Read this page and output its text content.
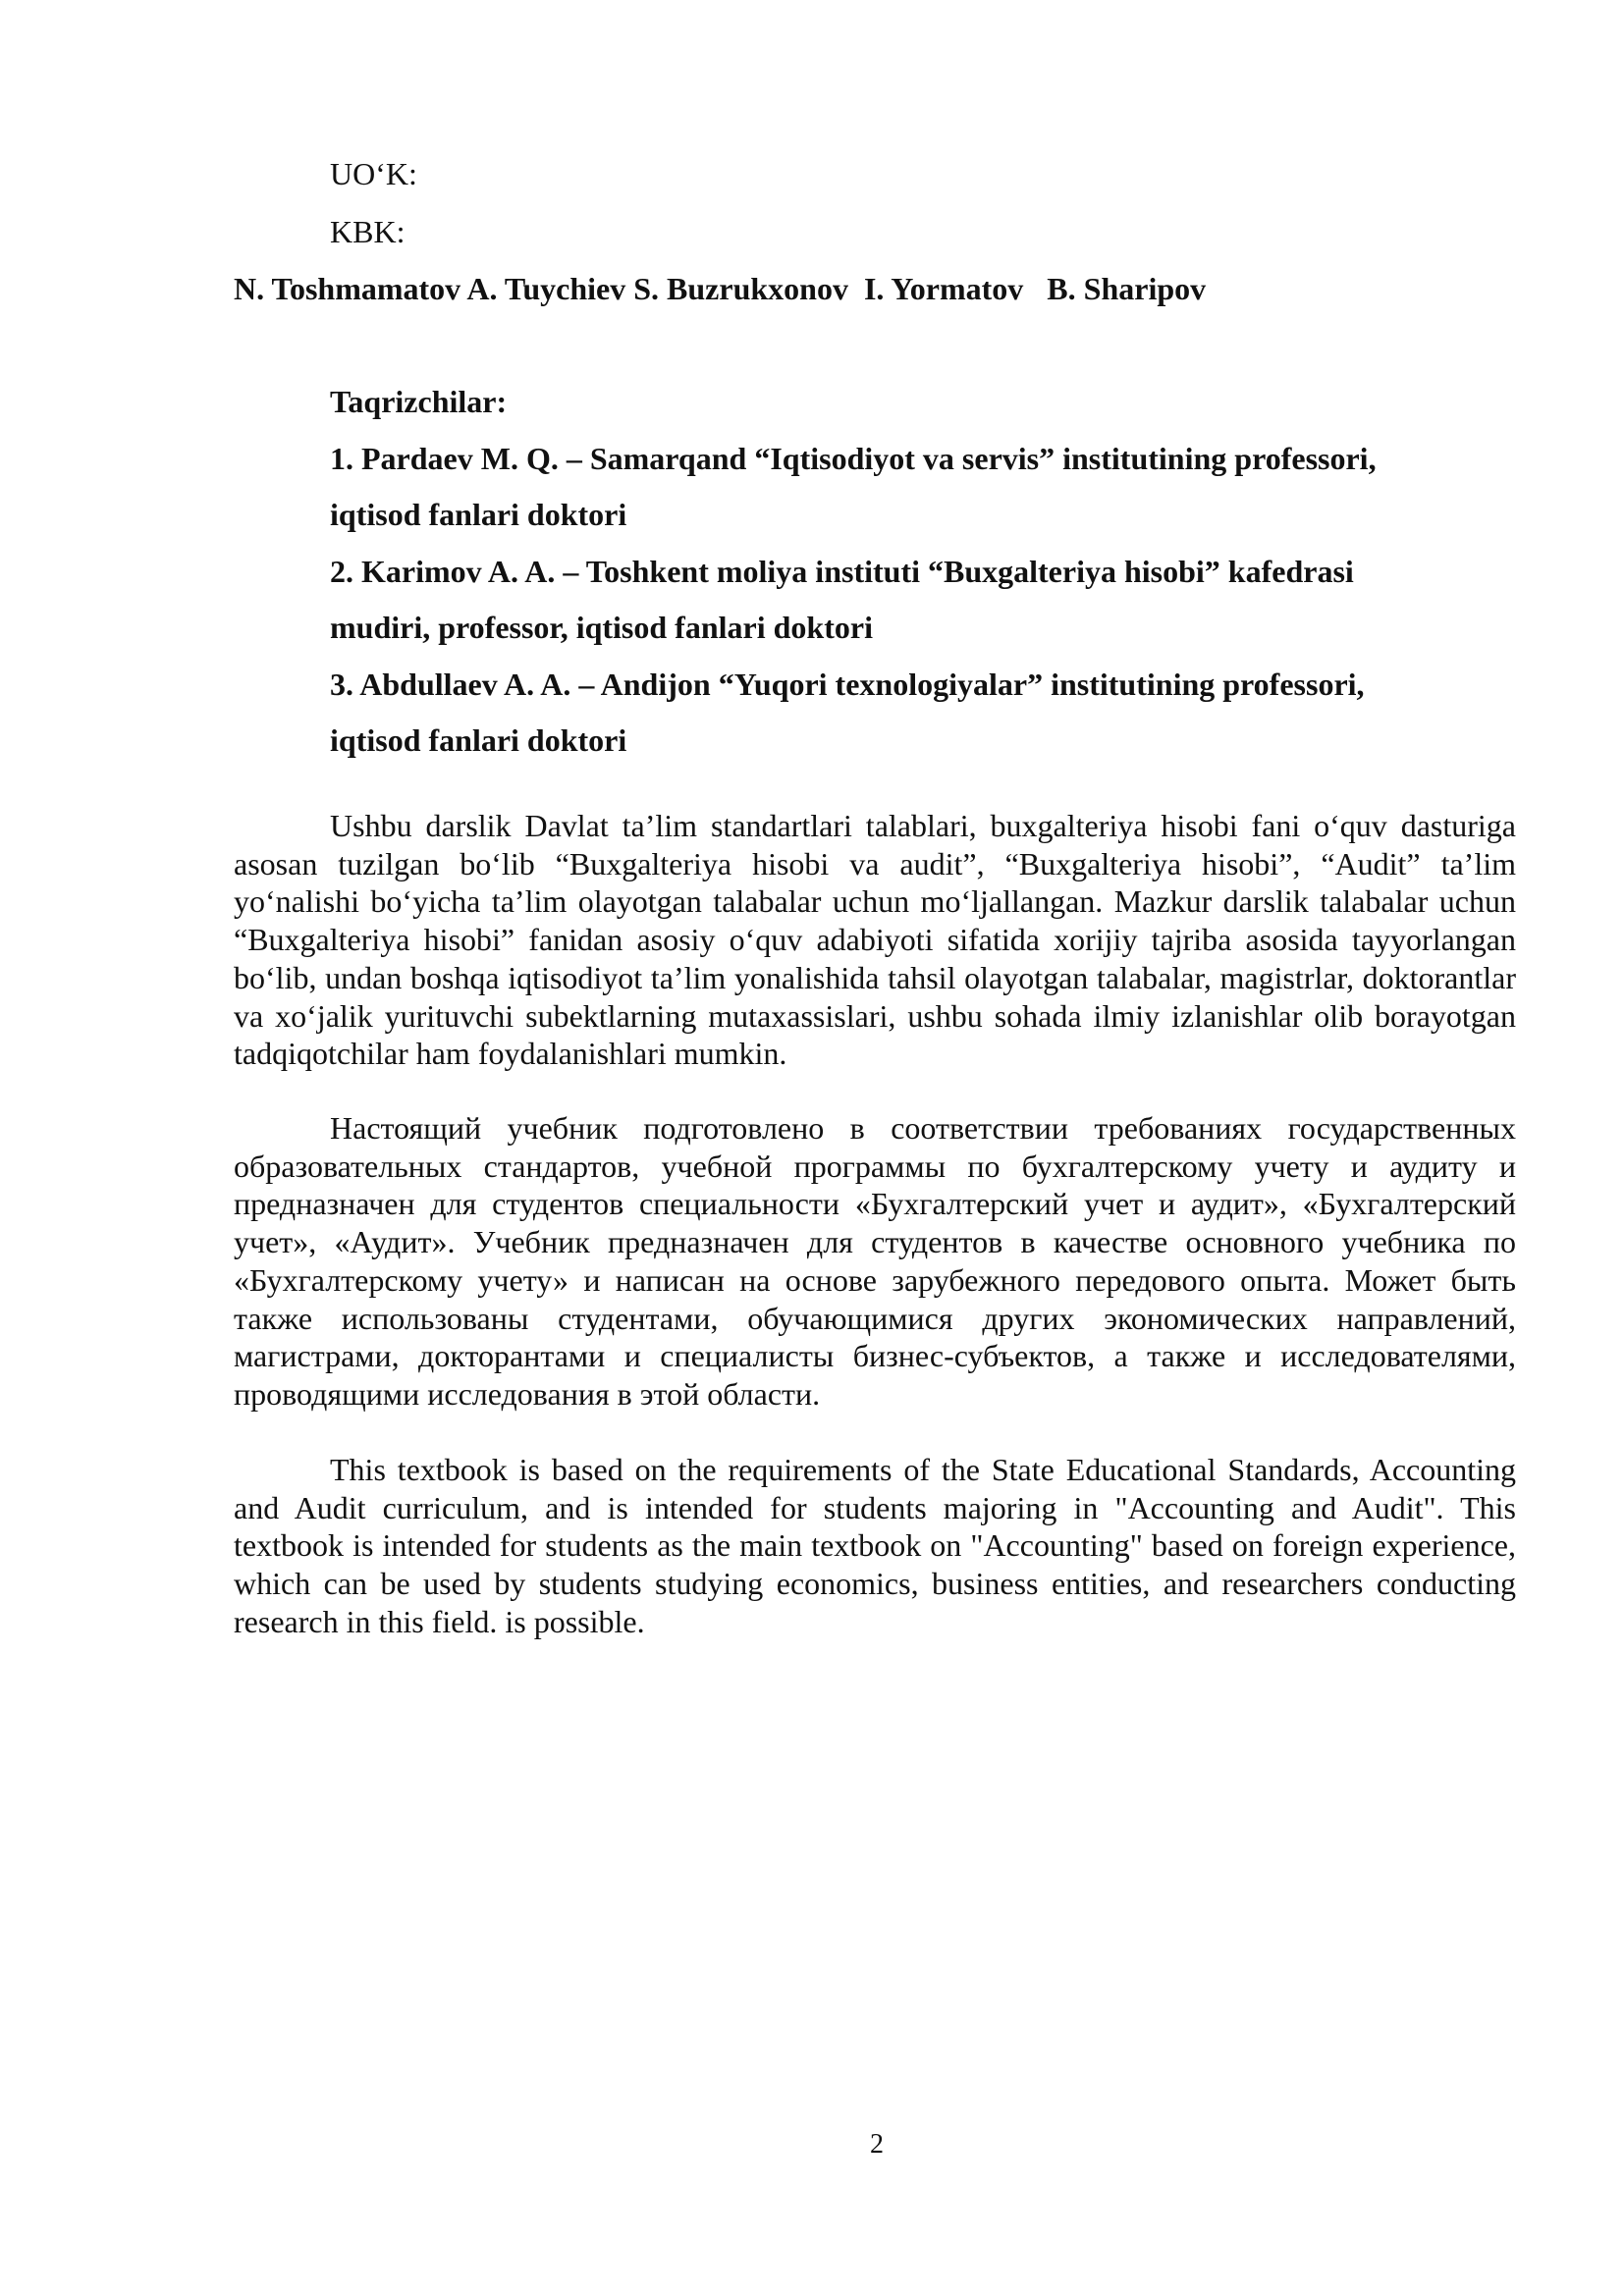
UO‘K:
KBK:
N. Toshmamatov A. Tuychiev S. Buzrukxonov  I. Yormatov   B. Sharipov
Taqrizchilar:
1. Pardaev M. Q. – Samarqand “Iqtisodiyot va servis” institutining professori,
iqtisod fanlari doktori
2. Karimov A. A. – Toshkent moliya instituti “Buxgalteriya hisobi” kafedrasi
mudiri, professor, iqtisod fanlari doktori
3. Abdullaev A. A. – Andijon “Yuqori texnologiyalar” institutining professori,
iqtisod fanlari doktori

Ushbu darslik Davlat ta’lim standartlari talablari, buxgalteriya hisobi fani o‘quv dasturiga asosan tuzilgan bo‘lib “Buxgalteriya hisobi va audit”, “Buxgalteriya hisobi”, “Audit” ta’lim yo‘nalishi bo‘yicha ta’lim olayotgan talabalar uchun mo‘ljallangan. Mazkur darslik talabalar uchun “Buxgalteriya hisobi” fanidan asosiy o‘quv adabiyoti sifatida xorijiy tajriba asosida tayyorlangan bo‘lib, undan boshqa iqtisodiyot ta’lim yonalishida tahsil olayotgan talabalar, magistrlar, doktorantlar va xo‘jalik yurituvchi subektlarning mutaxassislari, ushbu sohada ilmiy izlanishlar olib borayotgan tadqiqotchilar ham foydalanishlari mumkin.

Настоящий учебник подготовлено в соответствии требованиях государственных образовательных стандартов, учебной программы по бухгалтерскому учету и аудиту и предназначен для студентов специальности «Бухгалтерский учет и аудит», «Бухгалтерский учет», «Аудит». Учебник предназначен для студентов в качестве основного учебника по «Бухгалтерскому учету» и написан на основе зарубежного передового опыта. Может быть также использованы студентами, обучающимися других экономических направлений, магистрами, докторантами и специалисты бизнес-субъектов, а также и исследователями, проводящими исследования в этой области.

This textbook is based on the requirements of the State Educational Standards, Accounting and Audit curriculum, and is intended for students majoring in "Accounting and Audit". This textbook is intended for students as the main textbook on "Accounting" based on foreign experience, which can be used by students studying economics, business entities, and researchers conducting research in this field. is possible.

2
